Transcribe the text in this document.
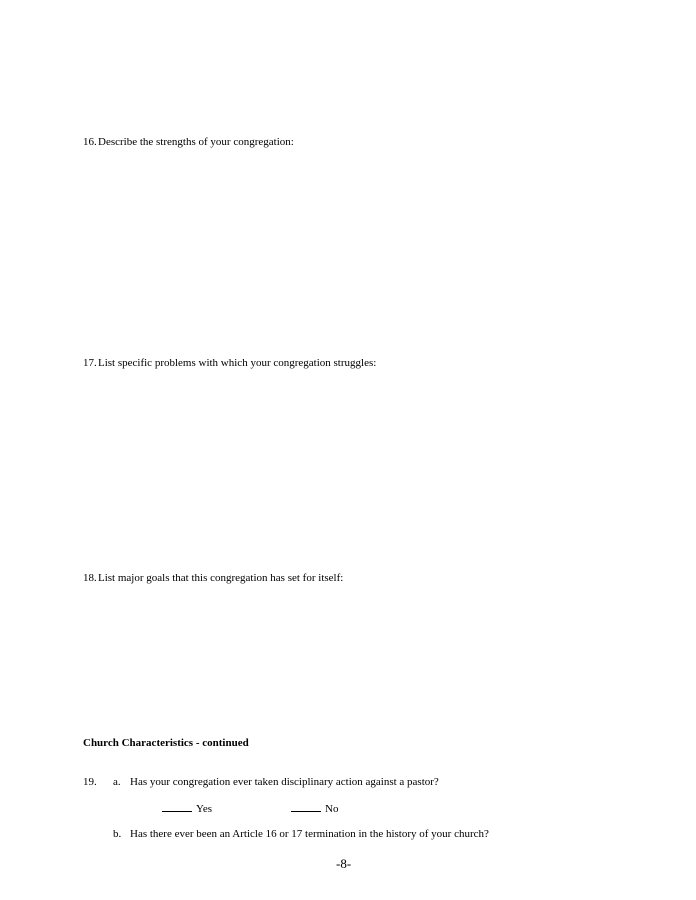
16.Describe the strengths of your congregation:
17.List specific problems with which your congregation struggles:
18.List major goals that this congregation has set for itself:
Church Characteristics - continued
19. a. Has your congregation ever taken disciplinary action against a pastor?
Yes	No
b. Has there ever been an Article 16 or 17 termination in the history of your church?
-8-
